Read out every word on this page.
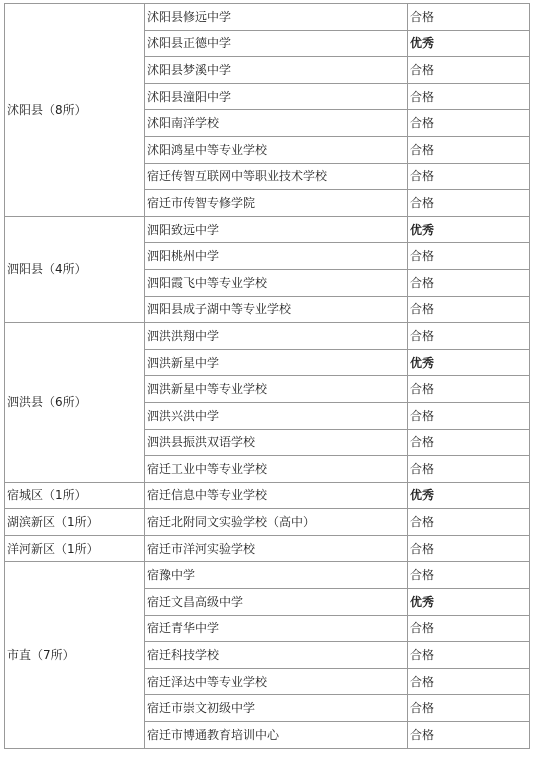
沭阳县（8所）	沭阳县修远中学	合格
	沭阳县正德中学	优秀
	沭阳县梦溪中学	合格
	沭阳县潼阳中学	合格
	沭阳南洋学校	合格
	沭阳鸿星中等专业学校	合格
	宿迁传智互联网中等职业技术学校	合格
	宿迁市传智专修学院	合格
泗阳县（4所）	泗阳致远中学	优秀
	泗阳桃州中学	合格
	泗阳霞飞中等专业学校	合格
	泗阳县成子湖中等专业学校	合格
泗洪县（6所）	泗洪洪翔中学	合格
	泗洪新星中学	优秀
	泗洪新星中等专业学校	合格
	泗洪兴洪中学	合格
	泗洪县振洪双语学校	合格
	宿迁工业中等专业学校	合格
宿城区（1所）	宿迁信息中等专业学校	优秀
湖滨新区（1所）	宿迁北附同文实验学校（高中）	合格
洋河新区（1所）	宿迁市洋河实验学校	合格
市直（7所）	宿豫中学	合格
	宿迁文昌高级中学	优秀
	宿迁青华中学	合格
	宿迁科技学校	合格
	宿迁泽达中等专业学校	合格
	宿迁市崇文初级中学	合格
	宿迁市博通教育培训中心	合格
